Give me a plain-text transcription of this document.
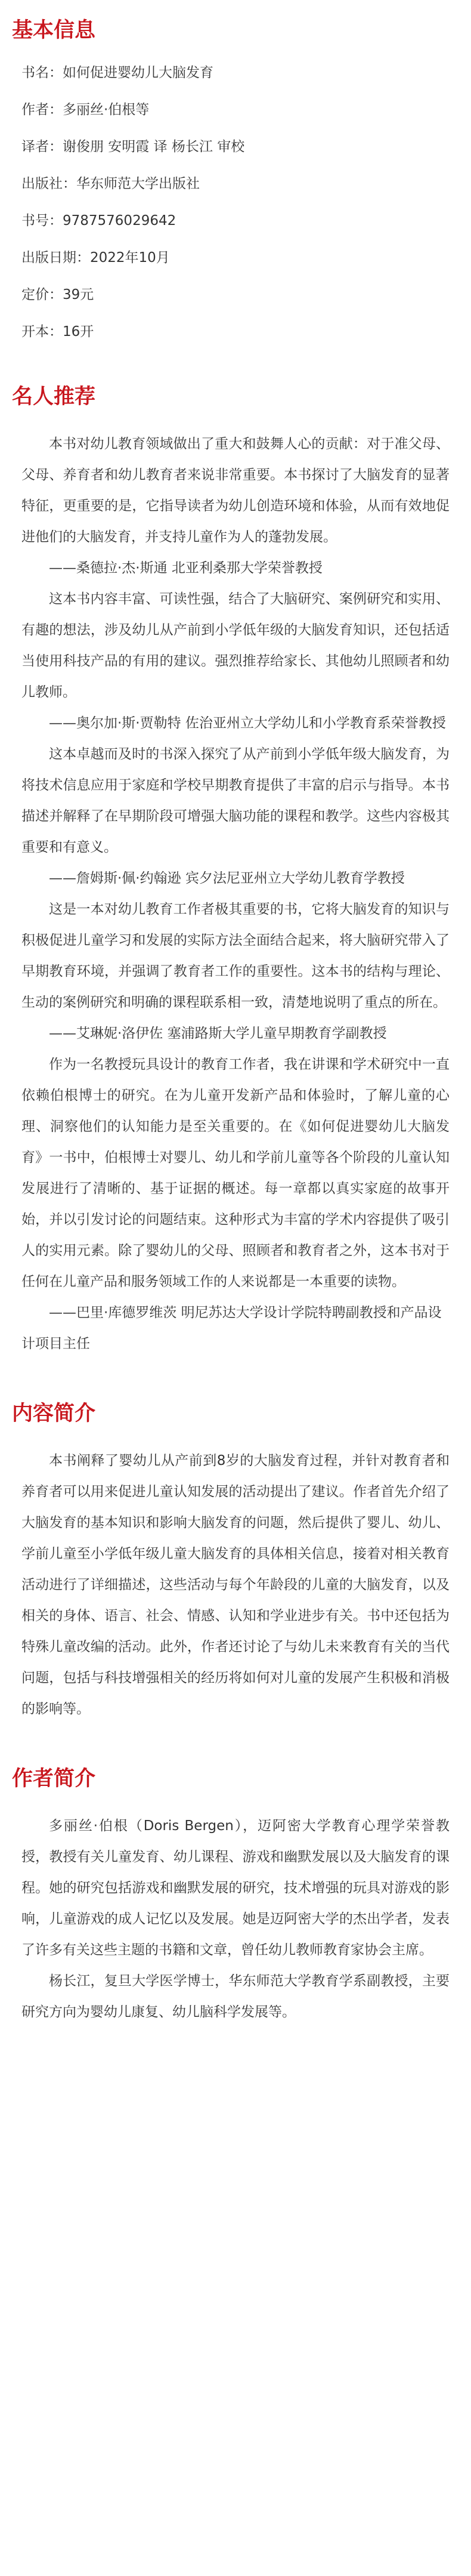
基本信息
书名：如何促进婴幼儿大脑发育
作者：多丽丝·伯根等
译者：谢俊朋 安明霞 译 杨长江 审校
出版社：华东师范大学出版社
书号：9787576029642
出版日期：2022年10月
定价：39元
开本：16开
名人推荐

本书对幼儿教育领域做出了重大和鼓舞人心的贡献：对于准父母、父母、养育者和幼儿教育者来说非常重要。本书探讨了大脑发育的显著特征，更重要的是，它指导读者为幼儿创造环境和体验，从而有效地促进他们的大脑发育，并支持儿童作为人的蓬勃发展。

——桑德拉·杰·斯通 北亚利桑那大学荣誉教授

这本书内容丰富、可读性强，结合了大脑研究、案例研究和实用、有趣的想法，涉及幼儿从产前到小学低年级的大脑发育知识，还包括适当使用科技产品的有用的建议。强烈推荐给家长、其他幼儿照顾者和幼儿教师。

——奥尔加·斯·贾勒特 佐治亚州立大学幼儿和小学教育系荣誉教授

这本卓越而及时的书深入探究了从产前到小学低年级大脑发育，为将技术信息应用于家庭和学校早期教育提供了丰富的启示与指导。本书描述并解释了在早期阶段可增强大脑功能的课程和教学。这些内容极其重要和有意义。

——詹姆斯·佩·约翰逊 宾夕法尼亚州立大学幼儿教育学教授

这是一本对幼儿教育工作者极其重要的书，它将大脑发育的知识与积极促进儿童学习和发展的实际方法全面结合起来，将大脑研究带入了早期教育环境，并强调了教育者工作的重要性。这本书的结构与理论、生动的案例研究和明确的课程联系相一致，清楚地说明了重点的所在。

——艾琳妮·洛伊佐 塞浦路斯大学儿童早期教育学副教授

作为一名教授玩具设计的教育工作者，我在讲课和学术研究中一直依赖伯根博士的研究。在为儿童开发新产品和体验时，了解儿童的心理、洞察他们的认知能力是至关重要的。在《如何促进婴幼儿大脑发育》一书中，伯根博士对婴儿、幼儿和学前儿童等各个阶段的儿童认知发展进行了清晰的、基于证据的概述。每一章都以真实家庭的故事开始，并以引发讨论的问题结束。这种形式为丰富的学术内容提供了吸引人的实用元素。除了婴幼儿的父母、照顾者和教育者之外，这本书对于任何在儿童产品和服务领域工作的人来说都是一本重要的读物。

——巴里·库德罗维茨 明尼苏达大学设计学院特聘副教授和产品设计项目主任

内容简介

本书阐释了婴幼儿从产前到8岁的大脑发育过程，并针对教育者和养育者可以用来促进儿童认知发展的活动提出了建议。作者首先介绍了大脑发育的基本知识和影响大脑发育的问题，然后提供了婴儿、幼儿、学前儿童至小学低年级儿童大脑发育的具体相关信息，接着对相关教育活动进行了详细描述，这些活动与每个年龄段的儿童的大脑发育，以及相关的身体、语言、社会、情感、认知和学业进步有关。书中还包括为特殊儿童改编的活动。此外，作者还讨论了与幼儿未来教育有关的当代问题，包括与科技增强相关的经历将如何对儿童的发展产生积极和消极的影响等。

作者简介

多丽丝·伯根（Doris Bergen），迈阿密大学教育心理学荣誉教授，教授有关儿童发育、幼儿课程、游戏和幽默发展以及大脑发育的课程。她的研究包括游戏和幽默发展的研究，技术增强的玩具对游戏的影响，儿童游戏的成人记忆以及发展。她是迈阿密大学的杰出学者，发表了许多有关这些主题的书籍和文章，曾任幼儿教师教育家协会主席。

杨长江，复旦大学医学博士，华东师范大学教育学系副教授，主要研究方向为婴幼儿康复、幼儿脑科学发展等。
